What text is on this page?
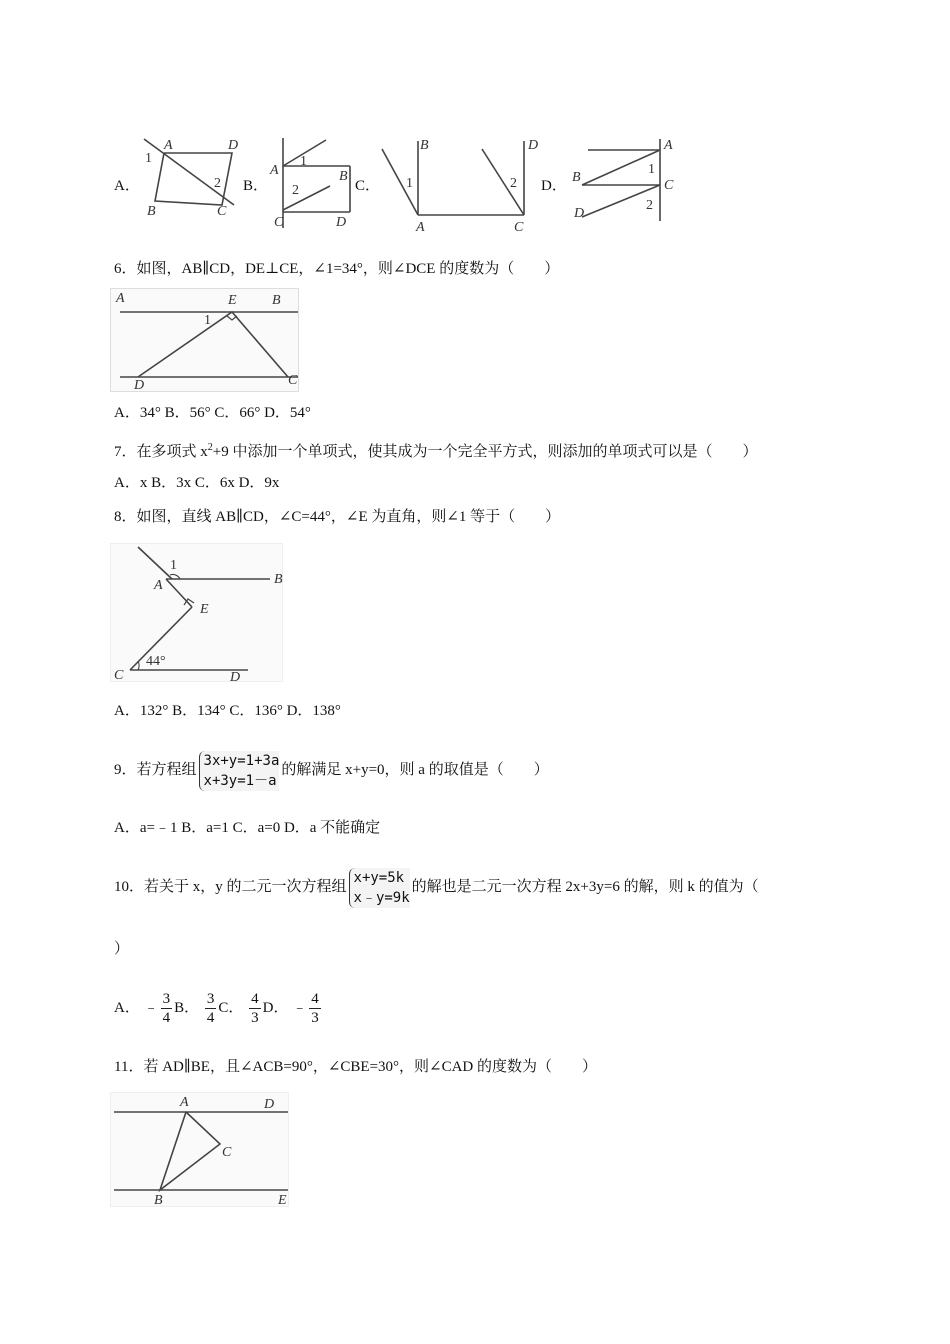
A．
A	D
1
2
B	C
B．
A
1
2
B
C	D
C．
B	D
1	2
A	C
D．
A
1
B
C
2
D
6．如图，AB∥CD，DE⊥CE，∠1=34°，则∠DCE 的度数为（　　）
A	E	B
1
D	C
A．34° B．56° C．66° D．54°
7．在多项式 $x^2+9$ 中添加一个单项式，使其成为一个完全平方式，则添加的单项式可以是（　　）
A．x B．3x C．6x D．9x
8．如图，直线 AB∥CD，∠C=44°，∠E 为直角，则∠1 等于（　　）
1
A	B
E
44°
C	D
A．132° B．134° C．136° D．138°
9．若方程组
3x+y=1+3a
x+3y=1－a
的解满足 x+y=0，则 a 的取值是（　　）
A．a=﹣1 B．a=1 C．a=0 D．a 不能确定
10．若关于 x，y 的二元一次方程组
x+y=5k
x﹣y=9k
的解也是二元一次方程 2x+3y=6 的解，则 k 的值为（
）
A． ﹣ $\frac{3}{4}$ B． $\frac{3}{4}$ C． $\frac{4}{3}$ D． ﹣ $\frac{4}{3}$
11．若 AD∥BE，且∠ACB=90°，∠CBE=30°，则∠CAD 的度数为（　　）
A	D
C
B	E
